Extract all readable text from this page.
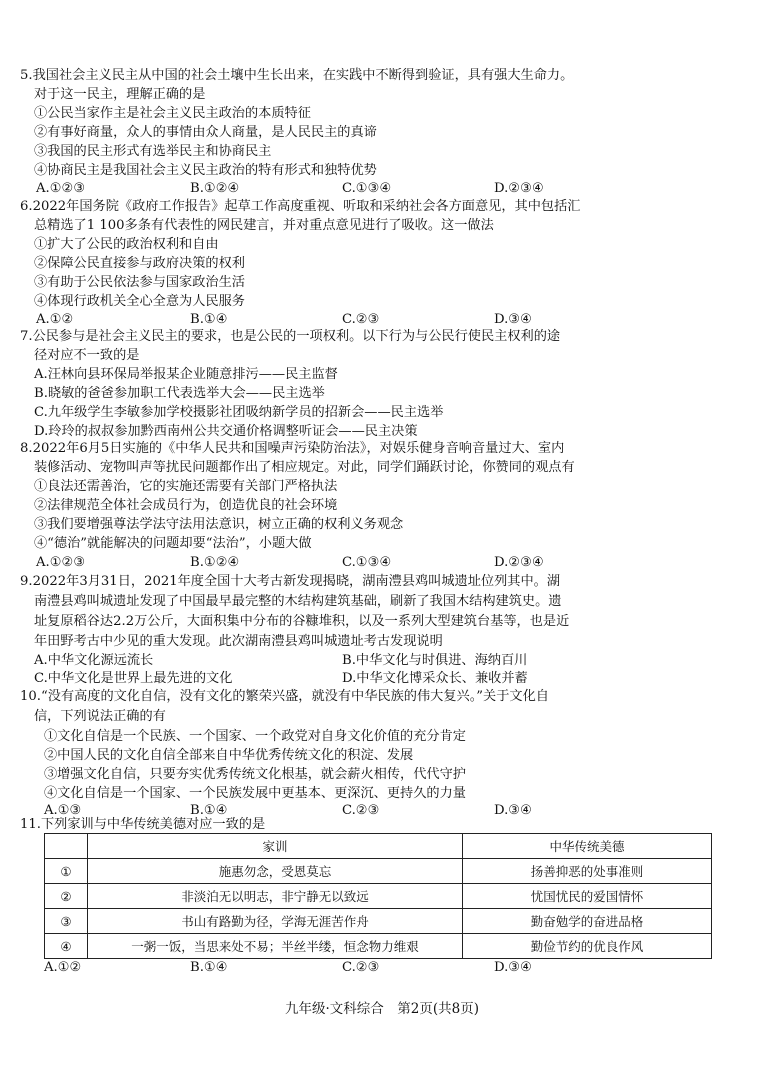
5.我国社会主义民主从中国的社会土壤中生长出来，在实践中不断得到验证，具有强大生命力。
对于这一民主，理解正确的是
①公民当家作主是社会主义民主政治的本质特征
②有事好商量，众人的事情由众人商量，是人民民主的真谛
③我国的民主形式有选举民主和协商民主
④协商民主是我国社会主义民主政治的特有形式和独特优势
A.①②③	B.①②④	C.①③④	D.②③④
6.2022年国务院《政府工作报告》起草工作高度重视、听取和采纳社会各方面意见，其中包括汇
总精选了1 100多条有代表性的网民建言，并对重点意见进行了吸收。这一做法
①扩大了公民的政治权利和自由
②保障公民直接参与政府决策的权利
③有助于公民依法参与国家政治生活
④体现行政机关全心全意为人民服务
A.①②	B.①④	C.②③	D.③④
7.公民参与是社会主义民主的要求，也是公民的一项权利。以下行为与公民行使民主权利的途
径对应不一致的是
A.汪林向县环保局举报某企业随意排污——民主监督
B.晓敏的爸爸参加职工代表选举大会——民主选举
C.九年级学生李敏参加学校摄影社团吸纳新学员的招新会——民主选举
D.玲玲的叔叔参加黔西南州公共交通价格调整听证会——民主决策
8.2022年6月5日实施的《中华人民共和国噪声污染防治法》，对娱乐健身音响音量过大、室内
装修活动、宠物叫声等扰民问题都作出了相应规定。对此，同学们踊跃讨论，你赞同的观点有
①良法还需善治，它的实施还需要有关部门严格执法
②法律规范全体社会成员行为，创造优良的社会环境
③我们要增强尊法学法守法用法意识，树立正确的权利义务观念
④“德治”就能解决的问题却要“法治”，小题大做
A.①②③	B.①②④	C.①③④	D.②③④
9.2022年3月31日，2021年度全国十大考古新发现揭晓，湖南澧县鸡叫城遗址位列其中。湖
南澧县鸡叫城遗址发现了中国最早最完整的木结构建筑基础，刷新了我国木结构建筑史。遗
址复原稻谷达2.2万公斤，大面积集中分布的谷糠堆积，以及一系列大型建筑台基等，也是近
年田野考古中少见的重大发现。此次湖南澧县鸡叫城遗址考古发现说明
A.中华文化源远流长	B.中华文化与时俱进、海纳百川
C.中华文化是世界上最先进的文化	D.中华文化博采众长、兼收并蓄
10.“没有高度的文化自信，没有文化的繁荣兴盛，就没有中华民族的伟大复兴。”关于文化自
信，下列说法正确的有
①文化自信是一个民族、一个国家、一个政党对自身文化价值的充分肯定
②中国人民的文化自信全部来自中华优秀传统文化的积淀、发展
③增强文化自信，只要夯实优秀传统文化根基，就会薪火相传，代代守护
④文化自信是一个国家、一个民族发展中更基本、更深沉、更持久的力量
A.①③	B.①④	C.②③	D.③④
11.下列家训与中华传统美德对应一致的是
	家训	中华传统美德
①	施惠勿念，受恩莫忘	扬善抑恶的处事准则
②	非淡泊无以明志，非宁静无以致远	忧国忧民的爱国情怀
③	书山有路勤为径，学海无涯苦作舟	勤奋勉学的奋进品格
④	一粥一饭，当思来处不易；半丝半缕，恒念物力维艰	勤俭节约的优良作风
A.①②	B.①④	C.②③	D.③④
九年级·文科综合　第2页(共8页)
